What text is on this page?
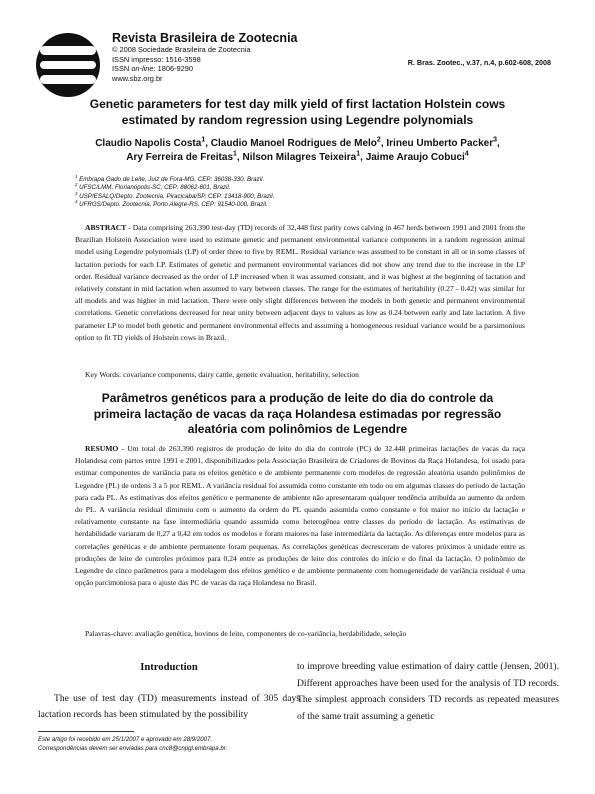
Revista Brasileira de Zootecnia
© 2008 Sociedade Brasileira de Zootecnia
ISSN impresso: 1516-3598
ISSN on-line: 1806-9290
www.sbz.org.br
R. Bras. Zootec., v.37, n.4, p.602-608, 2008
Genetic parameters for test day milk yield of first lactation Holstein cows
estimated by random regression using Legendre polynomials
Claudio Napolis Costa$^1$, Claudio Manoel Rodrigues de Melo$^2$, Irineu Umberto Packer$^3$,
Ary Ferreira de Freitas$^1$, Nilson Milagres Teixeira$^1$, Jaime Araujo Cobuci$^4$
$^1$ Embrapa Gado de Leite, Juiz de Fora-MG, CEP: 36038-330, Brazil.
$^2$ UFSC/LMM, Florianópolis-SC, CEP: 88062-601, Brazil.
$^3$ USP/ESALQ/Depto. Zootecnia, Piracicaba/SP, CEP: 13418-900, Brazil.
$^4$ UFRGS/Depto. Zootecnia, Porto Alegre-RS, CEP: 91540-000, Brazil.
ABSTRACT - Data comprising 263,390 test-day (TD) records of 32,448 first parity cows calving in 467 herds between 1991 and 2001 from the Brazilian Holstein Association were used to estimate genetic and permanent environmental variance components in a random regression animal model using Legendre polynomials (LP) of order three to five by REML. Residual variance was assumed to be constant in all or in some classes of lactation periods for each LP. Estimates of genetic and permanent environmental variances did not show any trend due to the increase in the LP order. Residual variance decreased as the order of LP increased when it was assumed constant, and it was highest at the beginning of lactation and relatively constant in mid lactation when assumed to vary between classes. The range for the estimates of heritability (0.27 - 0.42) was similar for all models and was higher in mid lactation. There were only slight differences between the models in both genetic and permanent environmental correlations. Genetic correlations decreased for near unity between adjacent days to values as low as 0.24 between early and late lactation. A five parameter LP to model both genetic and permanent environmental effects and assuming a homogeneous residual variance would be a parsimonious option to fit TD yields of Holstein cows in Brazil.
Key Words: covariance components, dairy cattle, genetic evaluation, heritability, selection
Parâmetros genéticos para a produção de leite do dia do controle da
primeira lactação de vacas da raça Holandesa estimadas por regressão
aleatória com polinômios de Legendre
RESUMO - Um total de 263.390 registros de produção de leite do dia do controle (PC) de 32.448 primeiras lactações de vacas da raça Holandesa com partos entre 1991 e 2001, disponibilizados pela Associação Brasileira de Criadores de Bovinos da Raça Holandesa, foi usado para estimar componentes de variância para os efeitos genético e de ambiente permanente com modelos de regressão aleatória usando polinômios de Legendre (PL) de ordens 3 a 5 por REML. A variância residual foi assumida como constante em todo ou em algumas classes do período de lactação para cada PL. As estimativas dos efeitos genético e permanente de ambiente não apresentaram qualquer tendência atribuída ao aumento da ordem do PL. A variância residual diminuiu com o aumento da ordem do PL quando assumida como constante e foi maior no início da lactação e relativamente constante na fase intermediária quando assumida como heterogênea entre classes do período de lactação. As estimativas de herdabilidade variaram de 0,27 a 0,42 em todos os modelos e foram maiores na fase intermediária da lactação. As diferenças entre modelos para as correlações genéticas e de ambiente permanente foram pequenas. As correlações genéticas decresceram de valores próximos à unidade entre as produções de leite de controles próximos para 0,24 entre as produções de leite dos controles do início e do final da lactação. O polinômio de Legendre de cinco parâmetros para a modelagem dos efeitos genético e de ambiente permanente com homogeneidade de variância residual é uma opção parcimoniosa para o ajuste das PC de vacas da raça Holandesa no Brasil.
Palavras-chave: avaliação genética, bovinos de leite, componentes de co-variância, herdabilidade, seleção
Introduction

The use of test day (TD) measurements instead of 305 days lactation records has been stimulated by the possibility

to improve breeding value estimation of dairy cattle (Jensen, 2001). Different approaches have been used for the analysis of TD records. The simplest approach considers TD records as repeated measures of the same trait assuming a genetic

Este artigo foi recebido em 25/1/2007 e aprovado em 28/9/2007.
Correspondências devem ser enviadas para cnc8@cnpgl.embrapa.br.
